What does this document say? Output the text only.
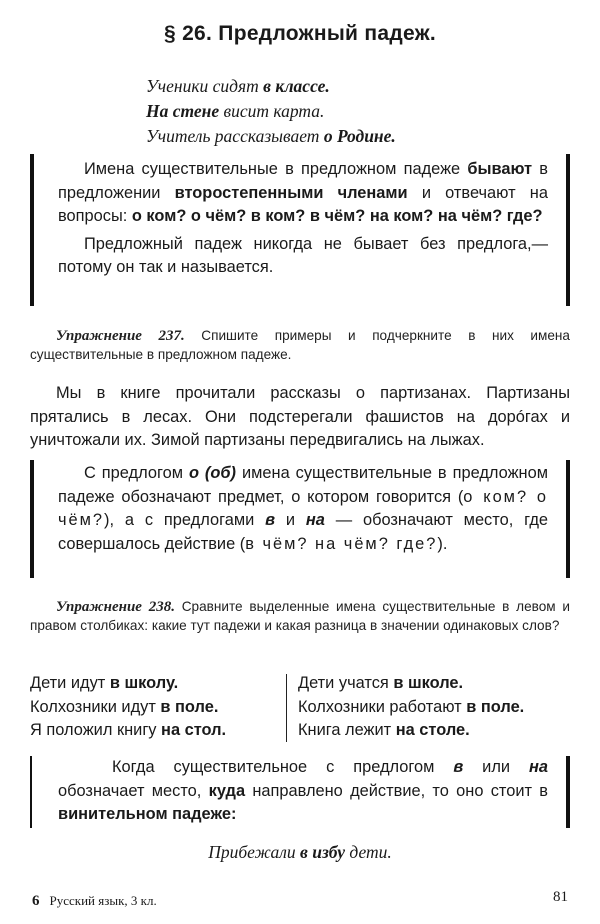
§ 26. Предложный падеж.
Ученики сидят в классе.
На стене висит карта.
Учитель рассказывает о Родине.

Имена существительные в предложном падеже бывают в предложении второстепенными членами и отвечают на вопросы: о ком? о чём? в ком? в чём? на ком? на чём? где?

Предложный падеж никогда не бывает без предлога,— потому он так и называется.

Упражнение 237. Спишите примеры и подчеркните в них имена существительные в предложном падеже.
Мы в книге прочитали рассказы о партизанах. Партизаны прятались в лесах. Они подстерегали фашистов на дорóгах и уничтожали их. Зимой партизаны передвигались на лыжах.

С предлогом о (об) имена существительные в предложном падеже обозначают предмет, о котором говорится (о ком? о чём?), а с предлогами в и на — обозначают место, где совершалось действие (в чём? на чём? где?).

Упражнение 238. Сравните выделенные имена существительные в левом и правом столбиках: какие тут падежи и какая разница в значении одинаковых слов?
Дети идут в школу.
Колхозники идут в поле.
Я положил книгу на стол.
Дети учатся в школе.
Колхозники работают в поле.
Книга лежит на столе.

Когда существительное с предлогом в или на обозначает место, куда направлено действие, то оно стоит в винительном падеже:

Прибежали в избу дети.
6 Русский язык, 3 кл.	81
